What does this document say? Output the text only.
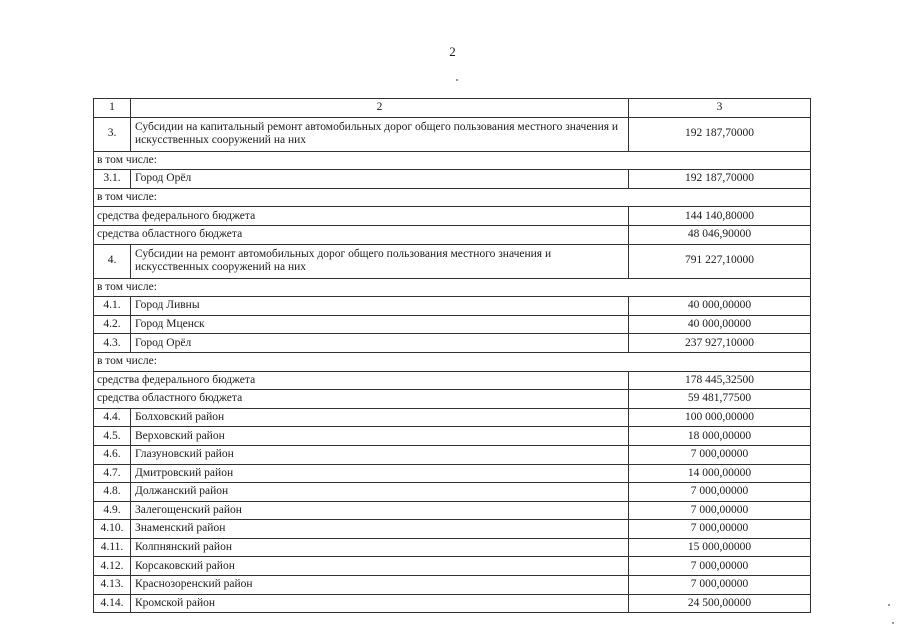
2
1	2	3
3.	Субсидии на капитальный ремонт автомобильных дорог общего пользования местного значения и искусственных сооружений на них	192 187,70000
в том числе:		
3.1.	Город Орёл	192 187,70000
в том числе:		
средства федерального бюджета		144 140,80000
средства областного бюджета		48 046,90000
4.	Субсидии на ремонт автомобильных дорог общего пользования местного значения и искусственных сооружений на них	791 227,10000
в том числе:		
4.1.	Город Ливны	40 000,00000
4.2.	Город Мценск	40 000,00000
4.3.	Город Орёл	237 927,10000
в том числе:		
средства федерального бюджета		178 445,32500
средства областного бюджета		59 481,77500
4.4.	Болховский район	100 000,00000
4.5.	Верховский район	18 000,00000
4.6.	Глазуновский район	7 000,00000
4.7.	Дмитровский район	14 000,00000
4.8.	Должанский район	7 000,00000
4.9.	Залегощенский район	7 000,00000
4.10.	Знаменский район	7 000,00000
4.11.	Колпнянский район	15 000,00000
4.12.	Корсаковский район	7 000,00000
4.13.	Краснозоренский район	7 000,00000
4.14.	Кромской район	24 500,00000
